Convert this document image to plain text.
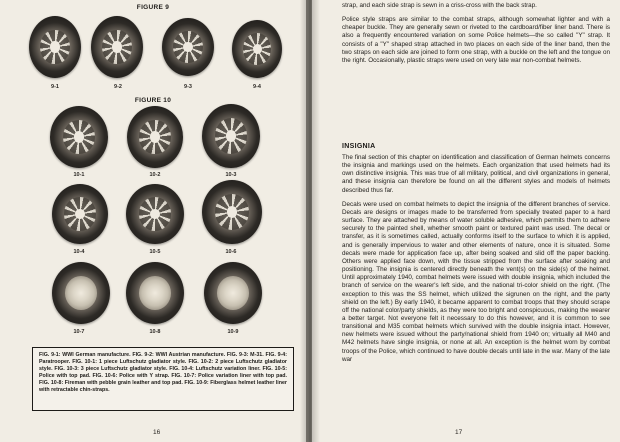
FIGURE 9
9-1	9-2	9-3	9-4
FIGURE 10
10-1	10-2	10-3
10-4	10-5	10-6
10-7	10-8	10-9
FIG. 9-1: WWI German manufacture. FIG. 9-2: WWI Austrian manufacture. FIG. 9-3: M-31. FIG. 9-4: Paratrooper. FIG. 10-1: 1 piece Luftschutz gladiator style. FIG. 10-2: 2 piece Luftschutz gladiator style. FIG. 10-3: 3 piece Luftschutz gladiator style. FIG. 10-4: Luftschutz variation liner. FIG. 10-5: Police with top pad. FIG. 10-6: Police with Y strap. FIG. 10-7: Police variation liner with top pad. FIG. 10-8: Fireman with pebble grain leather and top pad. FIG. 10-9: Fiberglass helmet leather liner with retractable chin-straps.
16

strap, and each side strap is sewn in a criss-cross with the back strap.

Police style straps are similar to the combat straps, although somewhat lighter and with a cheaper buckle. They are generally sewn or riveted to the cardboard/fiber liner band. There is also a frequently encountered variation on some Police helmets—the so called "Y" strap. It consists of a "Y" shaped strap attached in two places on each side of the liner band, then the two straps on each side are joined to form one strap, with a buckle on the left and the tongue on the right. Occasionally, plastic straps were used on very late war non-combat helmets.

INSIGNIA

The final section of this chapter on identification and classification of German helmets concerns the insignia and markings used on the helmets. Each organization that used helmets had its own distinctive insignia. This was true of all military, political, and civil organizations in general, and these insignia can therefore be found on all the different styles and models of helmets described thus far.

Decals were used on combat helmets to depict the insignia of the different branches of service. Decals are designs or images made to be transferred from specially treated paper to a hard surface. They are attached by means of water soluble adhesive, which permits them to adhere securely to the painted shell, whether smooth paint or textured paint was used. The decal or transfer, as it is sometimes called, actually conforms itself to the surface to which it is applied, and is generally impervious to water and other elements of nature, once it is situated. Some decals were made for application face up, after being soaked and slid off the paper backing. Others were applied face down, with the tissue stripped from the surface after soaking and positioning. The insignia is centered directly beneath the vent(s) on the side(s) of the helmet. Until approximately 1940, combat helmets were issued with double insignia, which included the branch of service on the wearer's left side, and the national tri-color shield on the right. (The exception to this was the SS helmet, which utilized the sigrunen on the right, and the party shield on the left.) By early 1940, it became apparent to combat troops that they should scrape off the national color/party shields, as they were too bright and conspicuous, making the wearer a better target. Not everyone felt it necessary to do this however, and it is common to see transitional and M35 combat helmets which survived with the double insignia intact. However, new helmets were issued without the party/national shield from 1940 on; virtually all M40 and M42 helmets have single insignia, or none at all. An exception is the helmet worn by combat troops of the Police, which continued to have double decals until late in the war. Many of the late war

17
